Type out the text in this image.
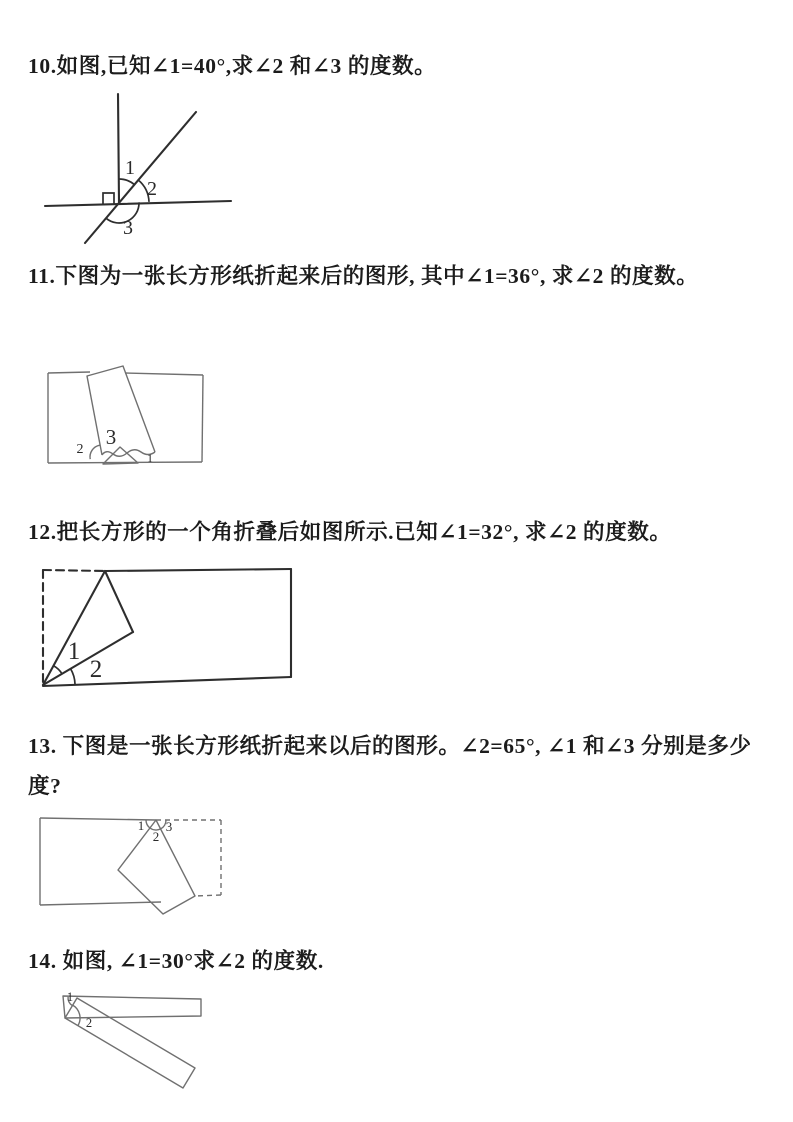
10.如图,已知∠1=40°,求∠2 和∠3 的度数。

1
2
3

11.下图为一张长方形纸折起来后的图形, 其中∠1=36°, 求∠2 的度数。

2
3
1

12.把长方形的一个角折叠后如图所示.已知∠1=32°, 求∠2 的度数。

1
2

13. 下图是一张长方形纸折起来以后的图形。∠2=65°, ∠1 和∠3 分别是多少度?

1
2
3

14. 如图, ∠1=30°求∠2 的度数.

1
2
